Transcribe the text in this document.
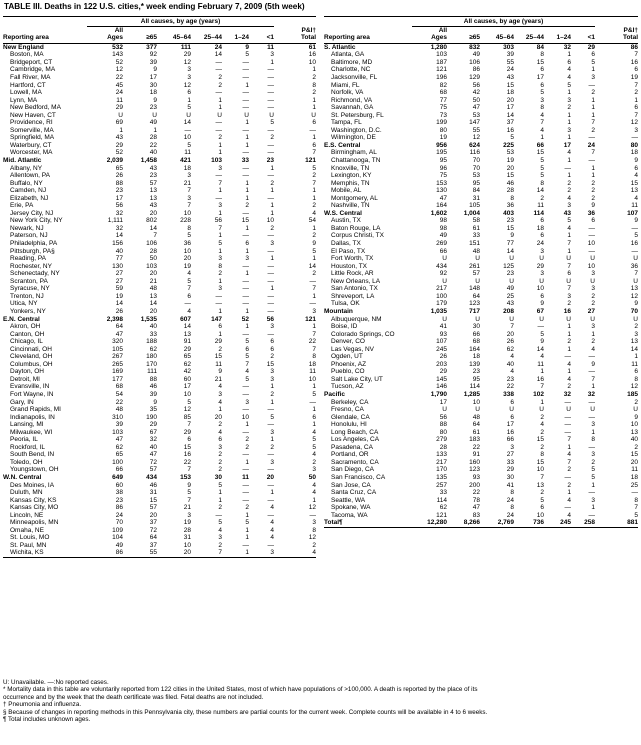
TABLE III. Deaths in 122 U.S. cities,* week ending February 7, 2009 (5th week)
	All causes, by age (years)						
Reporting area	All
Ages	≥65	45–64	25–44	1–24	<1	P&I†
Total
New England	532	377	111	24	9	11	61
Boston, MA	143	92	29	14	5	3	16
Bridgeport, CT	52	39	12	—	—	1	10
Cambridge, MA	12	9	3	—	—	—	1
Fall River, MA	22	17	3	2	—	—	2
Hartford, CT	45	30	12	2	1	—	8
Lowell, MA	24	18	6	—	—	—	2
Lynn, MA	11	9	1	1	—	—	1
New Bedford, MA	29	23	5	1	—	—	1
New Haven, CT	U	U	U	U	U	U	U
Providence, RI	69	49	14	—	1	5	6
Somerville, MA	1	1	—	—	—	—	—
Springfield, MA	43	28	10	2	1	2	1
Waterbury, CT	29	22	5	1	1	—	6
Worcester, MA	52	40	11	1	—	—	7
Mid. Atlantic	2,039	1,458	421	103	33	23	121
Albany, NY	65	43	18	3	—	1	5
Allentown, PA	26	23	3	—	—	—	2
Buffalo, NY	88	57	21	7	1	2	7
Camden, NJ	23	13	7	1	1	1	1
Elizabeth, NJ	17	13	3	—	1	—	1
Erie, PA	56	43	7	3	2	1	2
Jersey City, NJ	32	20	10	1	—	1	4
New York City, NY	1,111	802	228	56	15	10	54
Newark, NJ	32	14	8	7	1	2	1
Paterson, NJ	14	7	5	1	—	—	2
Philadelphia, PA	156	106	36	5	6	3	9
Pittsburgh, PA§	40	28	10	1	1	—	5
Reading, PA	77	50	20	3	3	1	1
Rochester, NY	130	103	19	8	—	—	14
Schenectady, NY	27	20	4	2	1	—	2
Scranton, PA	27	21	5	1	—	—	—
Syracuse, NY	59	48	7	3	—	1	7
Trenton, NJ	19	13	6	—	—	—	1
Utica, NY	14	14	—	—	—	—	—
Yonkers, NY	26	20	4	1	1	—	3
E.N. Central	2,398	1,535	607	147	52	56	121
Akron, OH	64	40	14	6	1	3	1
Canton, OH	47	33	13	1	—	—	7
Chicago, IL	320	188	91	29	5	6	22
Cincinnati, OH	105	62	29	2	6	6	7
Cleveland, OH	267	180	65	15	5	2	8
Columbus, OH	265	170	62	11	7	15	18
Dayton, OH	169	111	42	9	4	3	11
Detroit, MI	177	88	60	21	5	3	10
Evansville, IN	68	46	17	4	—	1	1
Fort Wayne, IN	54	39	10	3	—	2	5
Gary, IN	22	9	5	4	3	1	—
Grand Rapids, MI	48	35	12	1	—	—	1
Indianapolis, IN	310	190	85	20	10	5	6
Lansing, MI	39	29	7	2	1	—	1
Milwaukee, WI	103	67	29	4	—	3	4
Peoria, IL	47	32	6	6	2	1	5
Rockford, IL	62	40	15	3	2	2	5
South Bend, IN	65	47	16	2	—	—	4
Toledo, OH	100	72	22	2	1	3	2
Youngstown, OH	66	57	7	2	—	—	3
W.N. Central	649	434	153	30	11	20	50
Des Moines, IA	60	46	9	5	—	—	4
Duluth, MN	38	31	5	1	—	1	4
Kansas City, KS	23	15	7	1	—	—	1
Kansas City, MO	86	57	21	2	2	4	12
Lincoln, NE	24	20	3	—	1	—	—
Minneapolis, MN	70	37	19	5	5	4	3
Omaha, NE	109	72	28	4	1	4	8
St. Louis, MO	104	64	31	3	1	4	12
St. Paul, MN	49	37	10	2	—	—	2
Wichita, KS	86	55	20	7	1	3	4
	All causes, by age (years)						
Reporting area	All
Ages	≥65	45–64	25–44	1–24	<1	P&I†
Total
S. Atlantic	1,280	832	303	84	32	29	86
Atlanta, GA	103	49	39	8	1	6	7
Baltimore, MD	187	106	55	15	6	5	16
Charlotte, NC	121	86	24	6	4	1	6
Jacksonville, FL	196	129	43	17	4	3	19
Miami, FL	82	56	15	6	5	—	7
Norfolk, VA	68	42	18	5	1	2	2
Richmond, VA	77	50	20	3	3	1	1
Savannah, GA	75	47	17	8	2	1	6
St. Petersburg, FL	73	53	14	4	1	1	7
Tampa, FL	199	147	37	7	1	7	12
Washington, D.C.	80	55	16	4	3	2	3
Wilmington, DE	19	12	5	1	1	—	—
E.S. Central	956	624	225	66	17	24	80
Birmingham, AL	195	116	53	15	4	7	18
Chattanooga, TN	95	70	19	5	1	—	9
Knoxville, TN	96	70	20	5	—	1	6
Lexington, KY	75	53	15	5	1	1	4
Memphis, TN	153	95	46	8	2	2	15
Mobile, AL	130	84	28	14	2	2	13
Montgomery, AL	47	31	8	2	4	2	4
Nashville, TN	164	105	36	11	3	9	11
W.S. Central	1,602	1,004	403	114	43	36	107
Austin, TX	98	58	23	6	5	6	9
Baton Rouge, LA	98	61	15	18	4	—	—
Corpus Christi, TX	49	33	9	6	1	—	5
Dallas, TX	269	151	77	24	7	10	16
El Paso, TX	66	48	14	3	1	—	—
Fort Worth, TX	U	U	U	U	U	U	U
Houston, TX	434	261	125	29	7	10	36
Little Rock, AR	92	57	23	3	6	3	7
New Orleans, LA	U	U	U	U	U	U	U
San Antonio, TX	217	148	49	10	7	3	13
Shreveport, LA	100	64	25	6	3	2	12
Tulsa, OK	179	123	43	9	2	2	9
Mountain	1,035	717	208	67	16	27	70
Albuquerque, NM	U	U	U	U	U	U	U
Boise, ID	41	30	7	—	1	3	2
Colorado Springs, CO	93	66	20	5	1	1	3
Denver, CO	107	68	26	9	2	2	13
Las Vegas, NV	245	164	62	14	1	4	14
Ogden, UT	26	18	4	4	—	—	1
Phoenix, AZ	203	139	40	11	4	9	11
Pueblo, CO	29	23	4	1	1	—	6
Salt Lake City, UT	145	95	23	16	4	7	8
Tucson, AZ	146	114	22	7	2	1	12
Pacific	1,790	1,285	338	102	32	32	185
Berkeley, CA	17	10	6	1	—	—	2
Fresno, CA	U	U	U	U	U	U	U
Glendale, CA	56	48	6	2	—	—	9
Honolulu, HI	88	64	17	4	—	3	10
Long Beach, CA	80	61	16	2	—	1	13
Los Angeles, CA	279	183	66	15	7	8	40
Pasadena, CA	28	22	3	2	1	—	2
Portland, OR	133	91	27	8	4	3	15
Sacramento, CA	217	160	33	15	7	2	20
San Diego, CA	170	123	29	10	2	5	11
San Francisco, CA	135	93	30	7	—	5	18
San Jose, CA	257	200	41	13	2	1	25
Santa Cruz, CA	33	22	8	2	1	—	—
Seattle, WA	114	78	24	5	4	3	8
Spokane, WA	62	47	8	6	—	1	7
Tacoma, WA	121	83	24	10	4	—	5
Total¶	12,280	8,266	2,769	736	245	258	881
U: Unavailable. —:No reported cases.
* Mortality data in this table are voluntarily reported from 122 cities in the United States, most of which have populations of >100,000. A death is reported by the place of its
occurrence and by the week that the death certificate was filed. Fetal deaths are not included.
† Pneumonia and influenza.
§ Because of changes in reporting methods in this Pennsylvania city, these numbers are partial counts for the current week. Complete counts will be available in 4 to 6 weeks.
¶ Total includes unknown ages.
